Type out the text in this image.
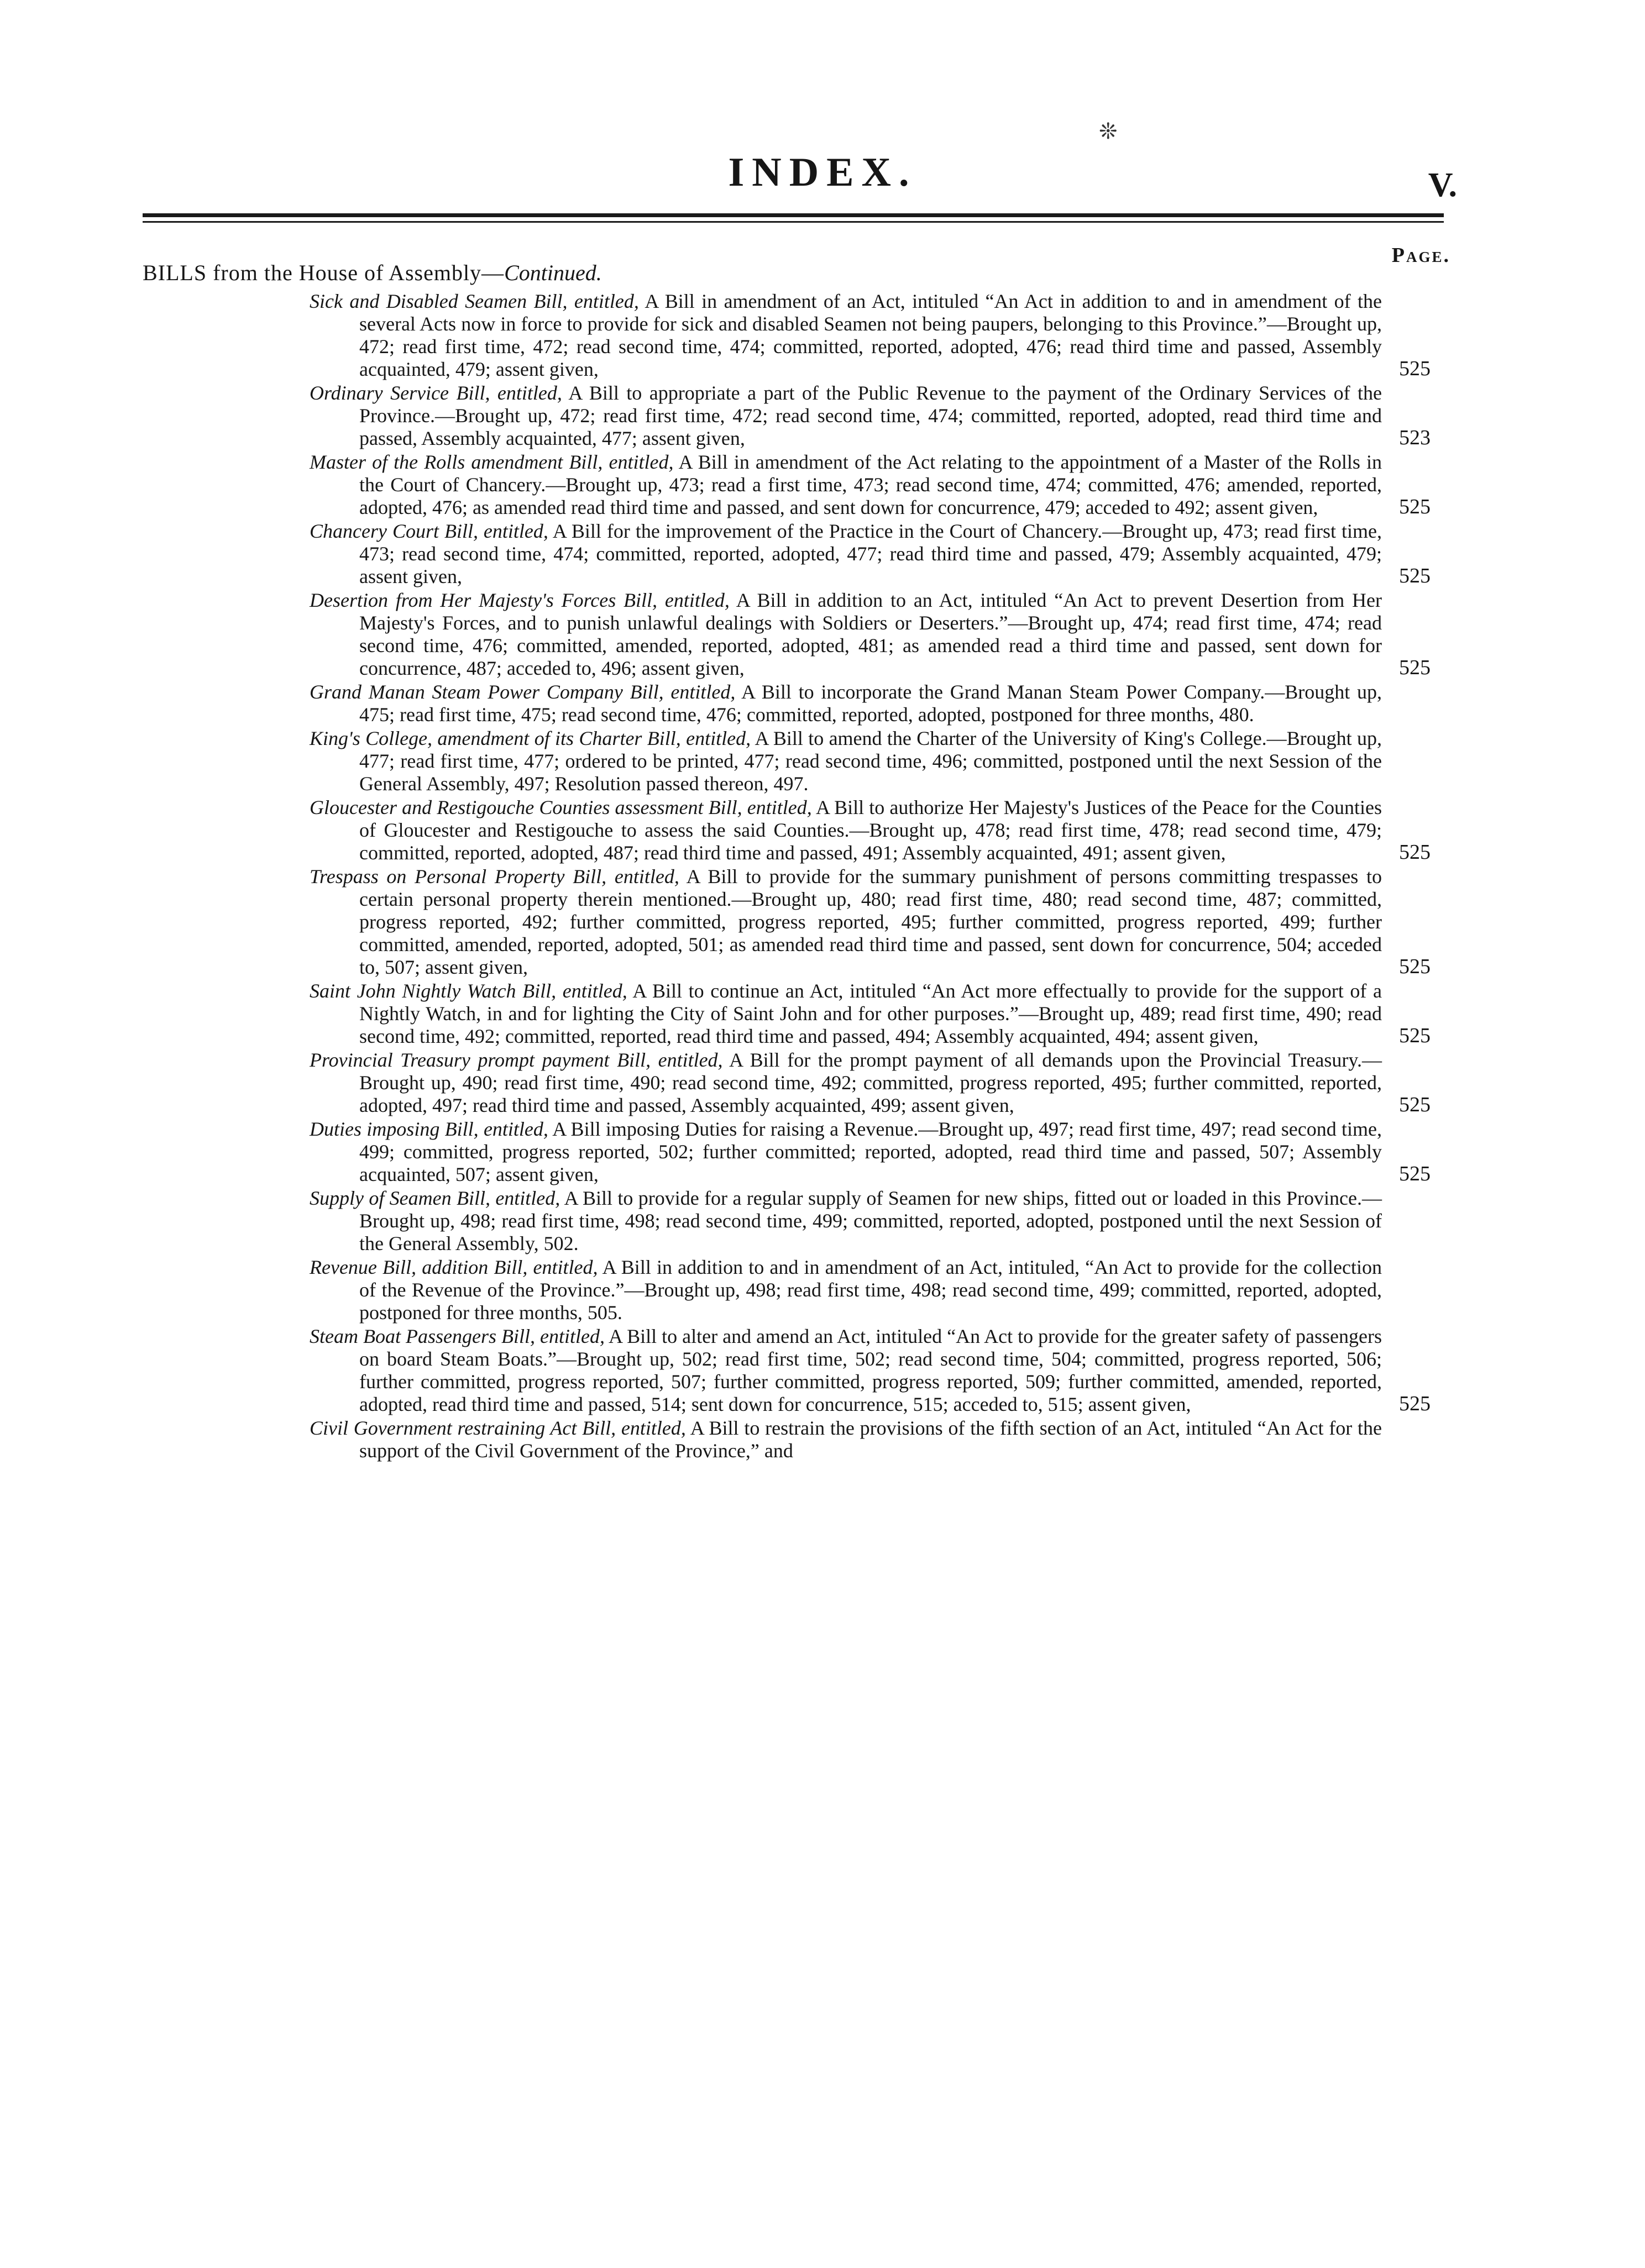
❊
INDEX.	V.
Page.
BILLS from the House of Assembly—Continued.
Sick and Disabled Seamen Bill, entitled, A Bill in amendment of an Act, intituled “An Act in addition to and in amendment of the several Acts now in force to provide for sick and disabled Seamen not being paupers, belonging to this Province.”—Brought up, 472; read first time, 472; read second time, 474; committed, reported, adopted, 476; read third time and passed, Assembly acquainted, 479; assent given,
Ordinary Service Bill, entitled, A Bill to appropriate a part of the Public Revenue to the payment of the Ordinary Services of the Province.—Brought up, 472; read first time, 472; read second time, 474; committed, reported, adopted, read third time and passed, Assembly acquainted, 477; assent given,
Master of the Rolls amendment Bill, entitled, A Bill in amendment of the Act relating to the appointment of a Master of the Rolls in the Court of Chancery.—Brought up, 473; read a first time, 473; read second time, 474; committed, 476; amended, reported, adopted, 476; as amended read third time and passed, and sent down for concurrence, 479; acceded to 492; assent given,
Chancery Court Bill, entitled, A Bill for the improvement of the Practice in the Court of Chancery.—Brought up, 473; read first time, 473; read second time, 474; committed, reported, adopted, 477; read third time and passed, 479; Assembly acquainted, 479; assent given,
Desertion from Her Majesty's Forces Bill, entitled, A Bill in addition to an Act, intituled “An Act to prevent Desertion from Her Majesty's Forces, and to punish unlawful dealings with Soldiers or Deserters.”—Brought up, 474; read first time, 474; read second time, 476; committed, amended, reported, adopted, 481; as amended read a third time and passed, sent down for concurrence, 487; acceded to, 496; assent given,
Grand Manan Steam Power Company Bill, entitled, A Bill to incorporate the Grand Manan Steam Power Company.—Brought up, 475; read first time, 475; read second time, 476; committed, reported, adopted, postponed for three months, 480.
King's College, amendment of its Charter Bill, entitled, A Bill to amend the Charter of the University of King's College.—Brought up, 477; read first time, 477; ordered to be printed, 477; read second time, 496; committed, postponed until the next Session of the General Assembly, 497; Resolution passed thereon, 497.
Gloucester and Restigouche Counties assessment Bill, entitled, A Bill to authorize Her Majesty's Justices of the Peace for the Counties of Gloucester and Restigouche to assess the said Counties.—Brought up, 478; read first time, 478; read second time, 479; committed, reported, adopted, 487; read third time and passed, 491; Assembly acquainted, 491; assent given,
Trespass on Personal Property Bill, entitled, A Bill to provide for the summary punishment of persons committing trespasses to certain personal property therein mentioned.—Brought up, 480; read first time, 480; read second time, 487; committed, progress reported, 492; further committed, progress reported, 495; further committed, progress reported, 499; further committed, amended, reported, adopted, 501; as amended read third time and passed, sent down for concurrence, 504; acceded to, 507; assent given,
Saint John Nightly Watch Bill, entitled, A Bill to continue an Act, intituled “An Act more effectually to provide for the support of a Nightly Watch, in and for lighting the City of Saint John and for other purposes.”—Brought up, 489; read first time, 490; read second time, 492; committed, reported, read third time and passed, 494; Assembly acquainted, 494; assent given,
Provincial Treasury prompt payment Bill, entitled, A Bill for the prompt payment of all demands upon the Provincial Treasury.—Brought up, 490; read first time, 490; read second time, 492; committed, progress reported, 495; further committed, reported, adopted, 497; read third time and passed, Assembly acquainted, 499; assent given,
Duties imposing Bill, entitled, A Bill imposing Duties for raising a Revenue.—Brought up, 497; read first time, 497; read second time, 499; committed, progress reported, 502; further committed; reported, adopted, read third time and passed, 507; Assembly acquainted, 507; assent given,
Supply of Seamen Bill, entitled, A Bill to provide for a regular supply of Seamen for new ships, fitted out or loaded in this Province.—Brought up, 498; read first time, 498; read second time, 499; committed, reported, adopted, postponed until the next Session of the General Assembly, 502.
Revenue Bill, addition Bill, entitled, A Bill in addition to and in amendment of an Act, intituled, “An Act to provide for the collection of the Revenue of the Province.”—Brought up, 498; read first time, 498; read second time, 499; committed, reported, adopted, postponed for three months, 505.
Steam Boat Passengers Bill, entitled, A Bill to alter and amend an Act, intituled “An Act to provide for the greater safety of passengers on board Steam Boats.”—Brought up, 502; read first time, 502; read second time, 504; committed, progress reported, 506; further committed, progress reported, 507; further committed, progress reported, 509; further committed, amended, reported, adopted, read third time and passed, 514; sent down for concurrence, 515; acceded to, 515; assent given,
Civil Government restraining Act Bill, entitled, A Bill to restrain the provisions of the fifth section of an Act, intituled “An Act for the support of the Civil Government of the Province,” and
525
523
525
525
525
525
525
525
525
525
525
